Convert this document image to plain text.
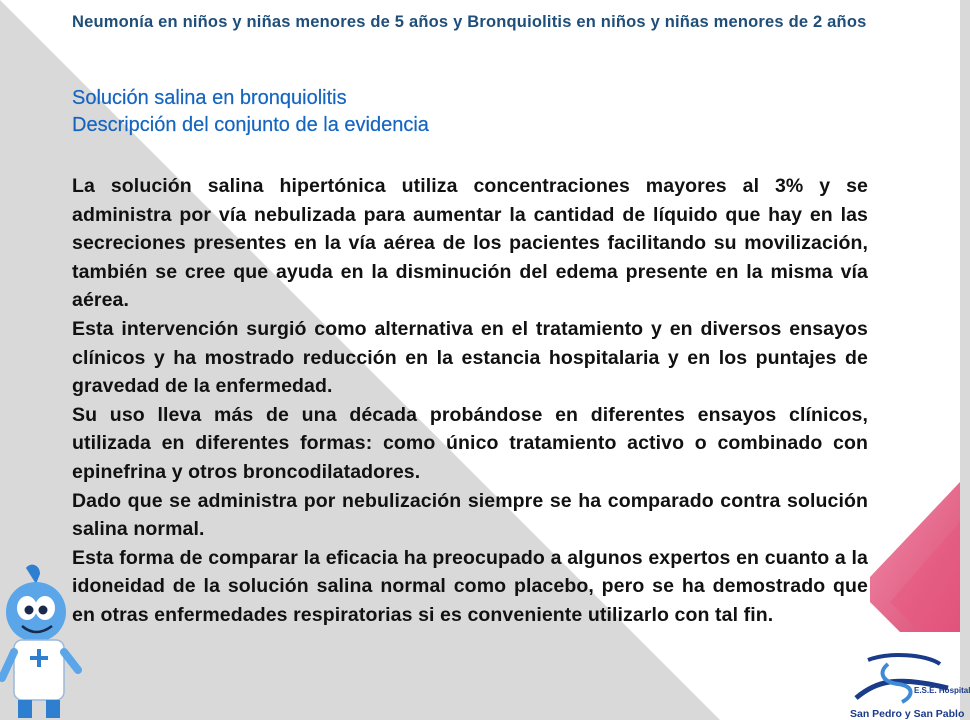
Neumonía en niños y niñas menores de 5 años y Bronquiolitis en niños y niñas menores de 2 años
Solución salina en bronquiolitis
Descripción del conjunto de la evidencia

La solución salina hipertónica utiliza concentraciones mayores al 3% y se administra por vía nebulizada para aumentar la cantidad de líquido que hay en las secreciones presentes en la vía aérea de los pacientes facilitando su movilización, también se cree que ayuda en la disminución del edema presente en la misma vía aérea.

Esta intervención surgió como alternativa en el tratamiento y en diversos ensayos clínicos y ha mostrado reducción en la estancia hospitalaria y en los puntajes de gravedad de la enfermedad.

Su uso lleva más de una década probándose en diferentes ensayos clínicos, utilizada en diferentes formas: como único tratamiento activo o combinado con epinefrina y otros broncodilatadores.

Dado que se administra por nebulización siempre se ha comparado contra solución salina normal.

Esta forma de comparar la eficacia ha preocupado a algunos expertos en cuanto a la idoneidad de la solución salina normal como placebo, pero se ha demostrado que en otras enfermedades respiratorias si es conveniente utilizarlo con tal fin.

E.S.E. Hospital
San Pedro y San Pablo
